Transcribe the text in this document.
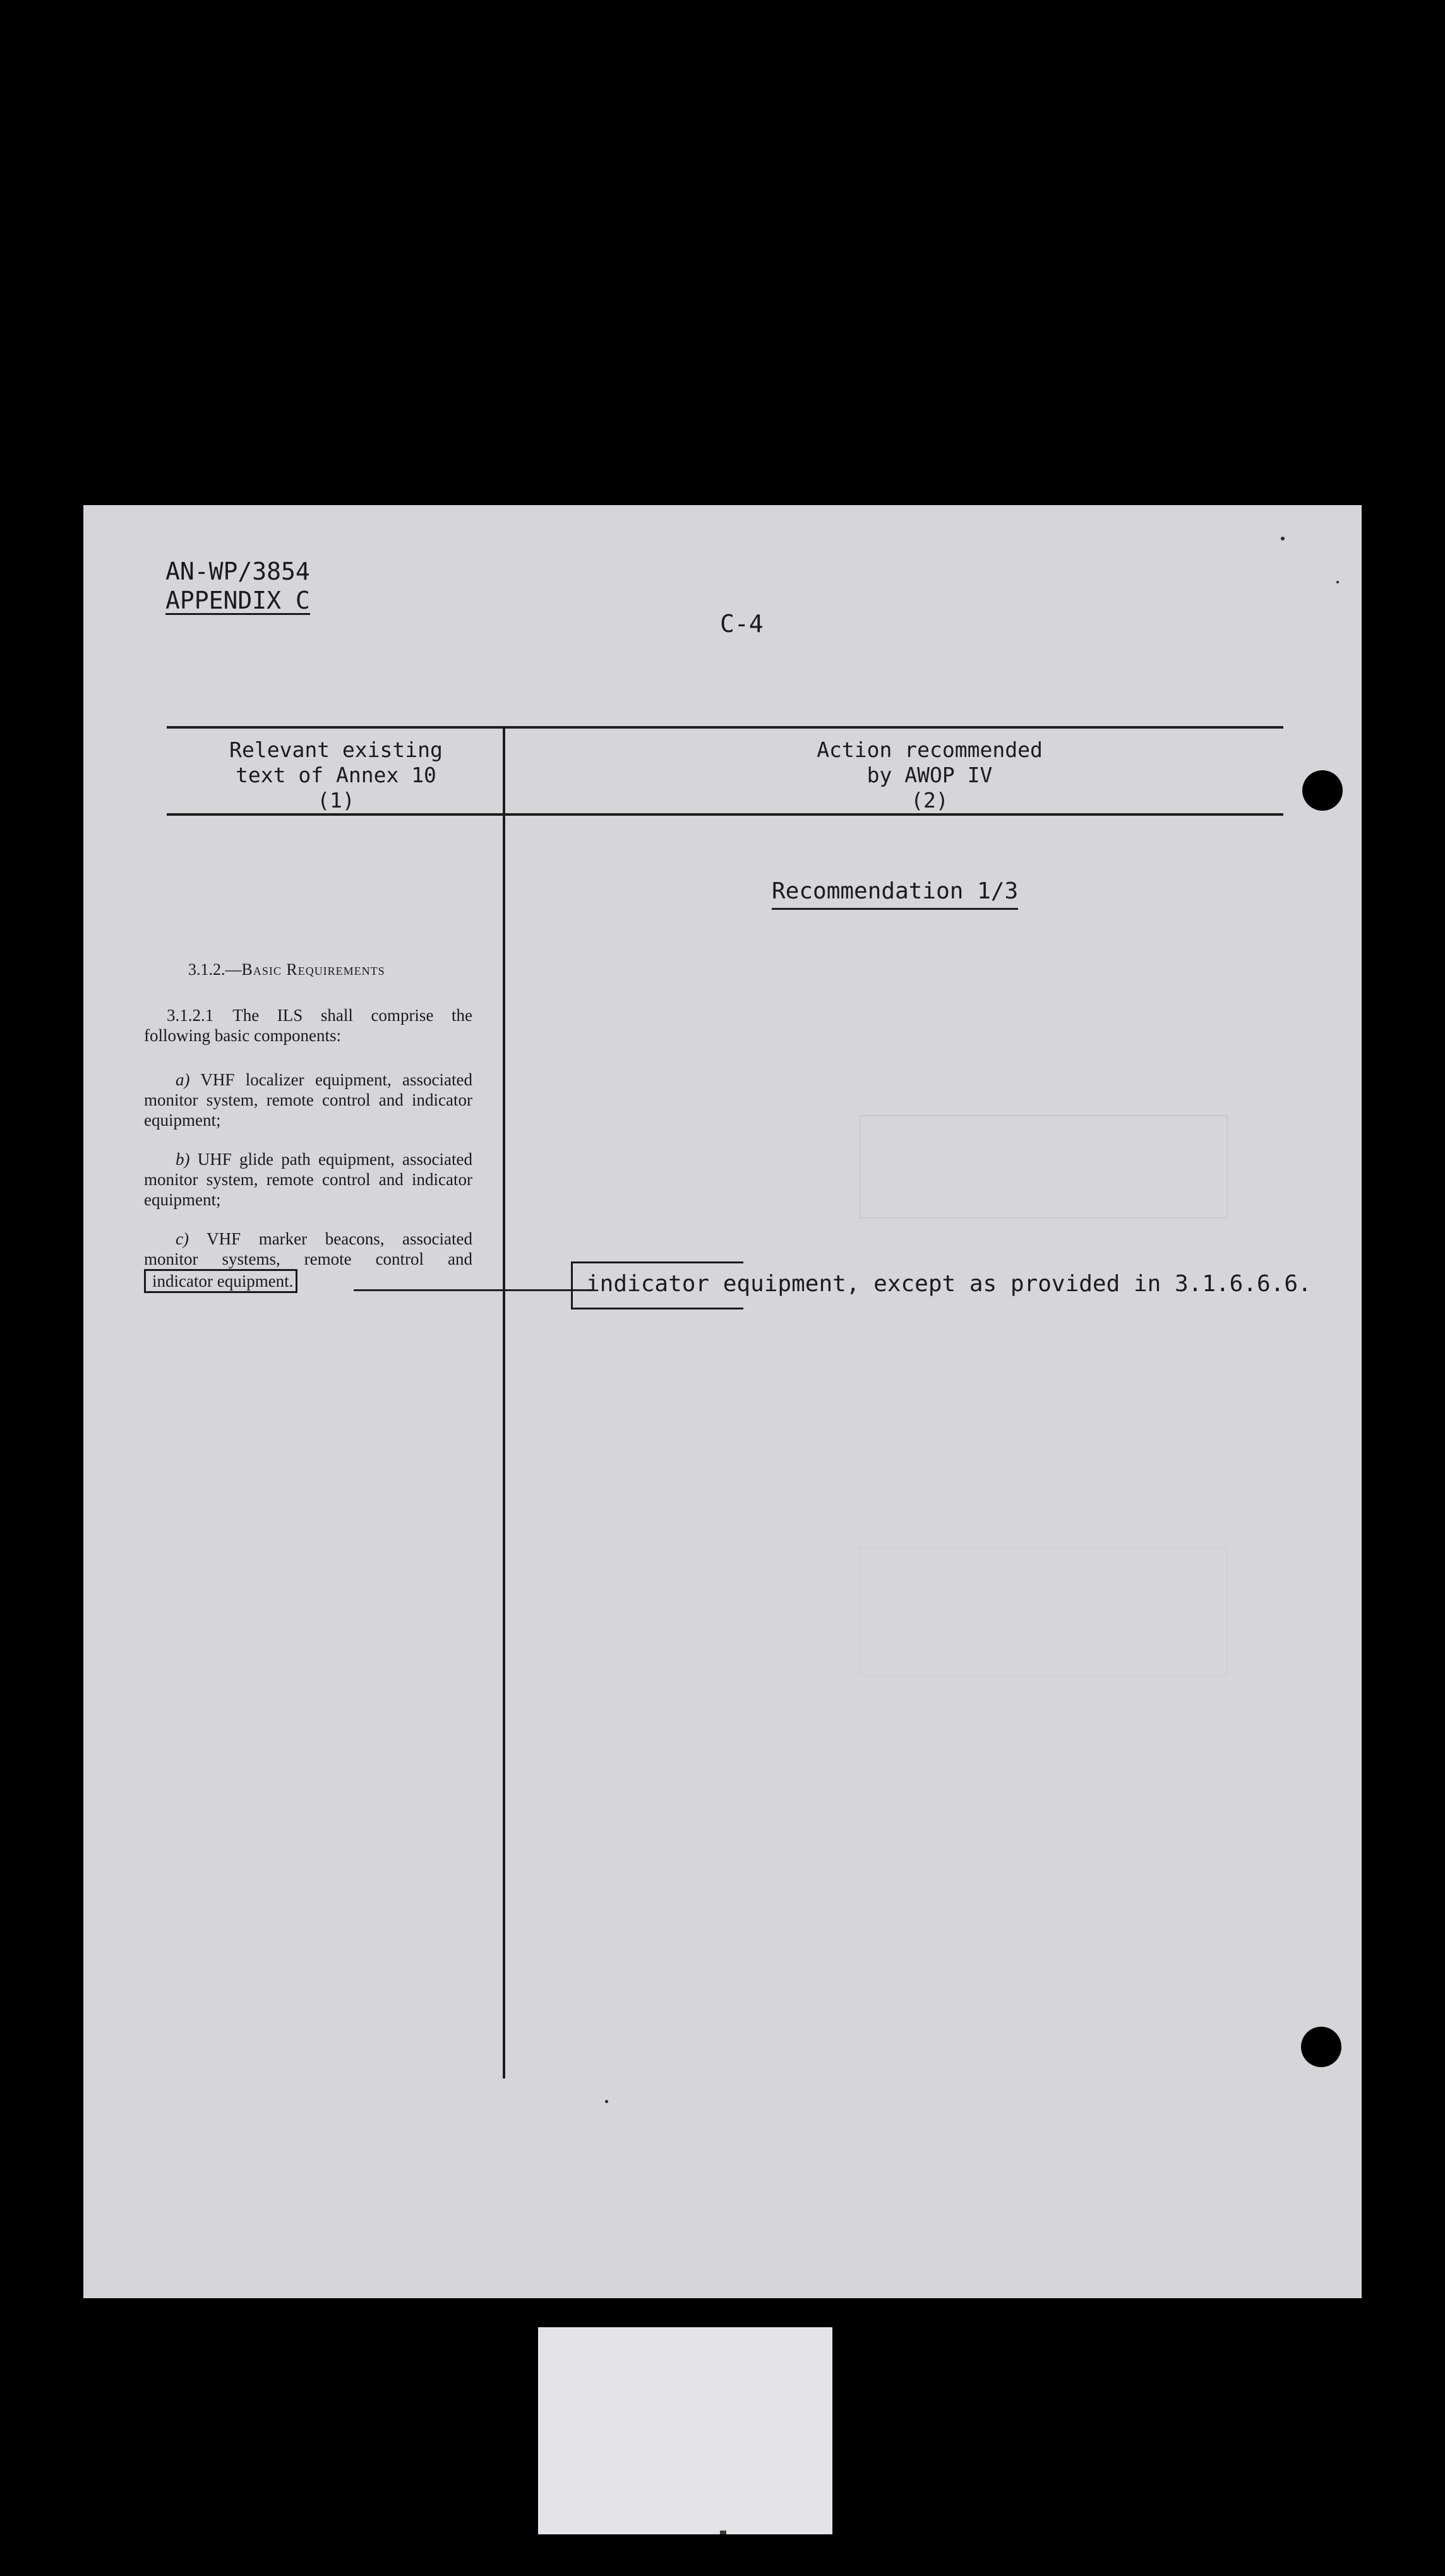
AN-WP/3854
APPENDIX C
C-4
Relevant existing
text of Annex 10
(1)
Action recommended
by AWOP IV
(2)
Recommendation 1/3
3.1.2.—Basic Requirements

3.1.2.1 The ILS shall comprise the following basic components:

a) VHF localizer equipment, associated monitor system, remote control and indicator equipment;

b) UHF glide path equipment, associated monitor system, remote control and indicator equipment;

c) VHF marker beacons, associated monitor systems, remote control and indicator equipment.	indicator equipment, except as provided in 3.1.6.6.6.
